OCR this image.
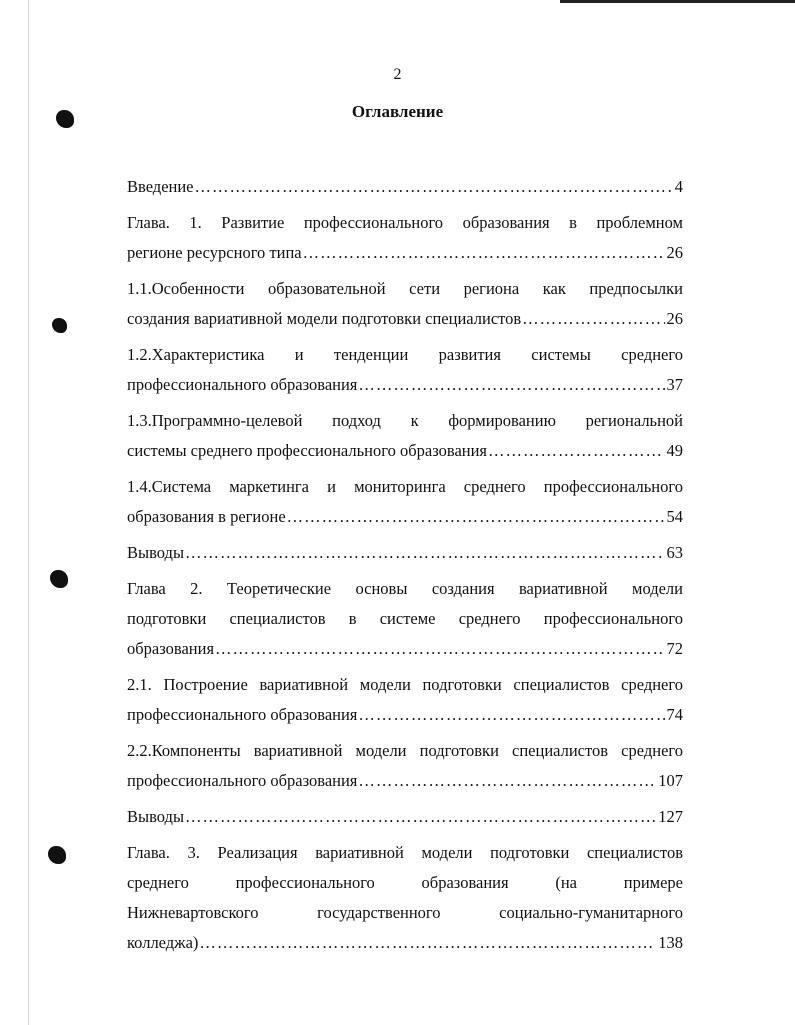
2
Оглавление
Введение ……………………………………………………………………………………………………………………………………………………	4
Глава. 1. Развитие профессионального образования в проблемном
регионе ресурсного типа ……………………………………………………………………………………………………………………………………………………	26
1.1.Особенности образовательной сети региона как предпосылки
создания вариативной модели подготовки специалистов ……………………………………………………………………………………………………………………………………………………	26
1.2.Характеристика и тенденции развития системы среднего
профессионального образования ……………………………………………………………………………………………………………………………………………………	37
1.3.Программно-целевой подход к формированию региональной
системы среднего профессионального образования ……………………………………………………………………………………………………………………………………………………	49
1.4.Система маркетинга и мониторинга среднего профессионального
образования в регионе ……………………………………………………………………………………………………………………………………………………	54
Выводы ……………………………………………………………………………………………………………………………………………………	63
Глава 2. Теоретические основы создания вариативной модели
подготовки специалистов в системе среднего профессионального
образования ……………………………………………………………………………………………………………………………………………………	72
2.1. Построение вариативной модели подготовки специалистов среднего
профессионального образования ……………………………………………………………………………………………………………………………………………………	74
2.2.Компоненты вариативной модели подготовки специалистов среднего
профессионального образования ……………………………………………………………………………………………………………………………………………………	107
Выводы ……………………………………………………………………………………………………………………………………………………	127
Глава. 3. Реализация вариативной модели подготовки специалистов
среднего профессионального образования (на примере
Нижневартовского государственного социально-гуманитарного
колледжа) ……………………………………………………………………………………………………………………………………………………	138
